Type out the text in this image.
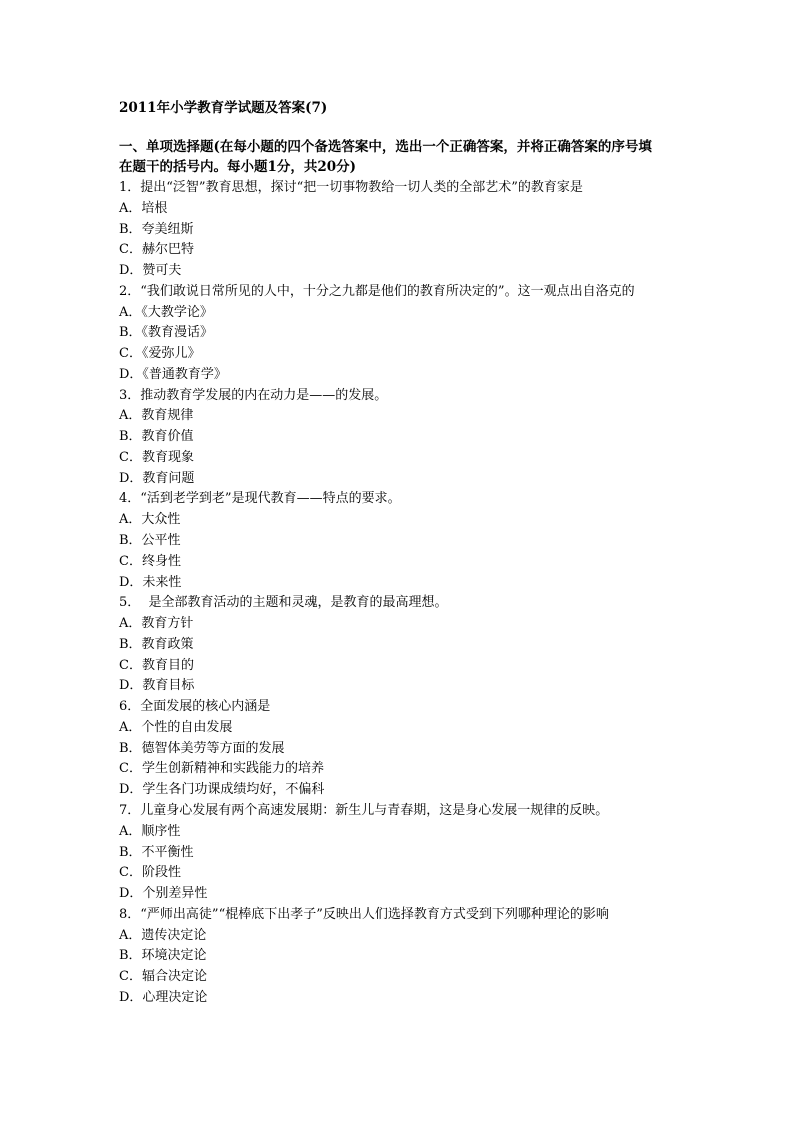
2011年小学教育学试题及答案(7)
一、单项选择题(在每小题的四个备选答案中，选出一个正确答案，并将正确答案的序号填
在题干的括号内。每小题1分，共20分)
1．提出“泛智”教育思想，探讨“把一切事物教给一切人类的全部艺术”的教育家是
A．培根
B．夸美纽斯
C．赫尔巴特
D．赞可夫
2．“我们敢说日常所见的人中，十分之九都是他们的教育所决定的”。这一观点出自洛克的
A．《大教学论》
B．《教育漫话》
C．《爱弥儿》
D．《普通教育学》
3．推动教育学发展的内在动力是——的发展。
A．教育规律
B．教育价值
C．教育现象
D．教育问题
4．“活到老学到老”是现代教育——特点的要求。
A．大众性
B．公平性
C．终身性
D．未来性
5．  是全部教育活动的主题和灵魂，是教育的最高理想。
A．教育方针
B．教育政策
C．教育目的
D．教育目标
6．全面发展的核心内涵是
A．个性的自由发展
B．德智体美劳等方面的发展
C．学生创新精神和实践能力的培养
D．学生各门功课成绩均好，不偏科
7．儿童身心发展有两个高速发展期：新生儿与青春期，这是身心发展一规律的反映。
A．顺序性
B．不平衡性
C．阶段性
D．个别差异性
8．“严师出高徒”“棍棒底下出孝子”反映出人们选择教育方式受到下列哪种理论的影响
A．遗传决定论
B．环境决定论
C．辐合决定论
D．心理决定论
